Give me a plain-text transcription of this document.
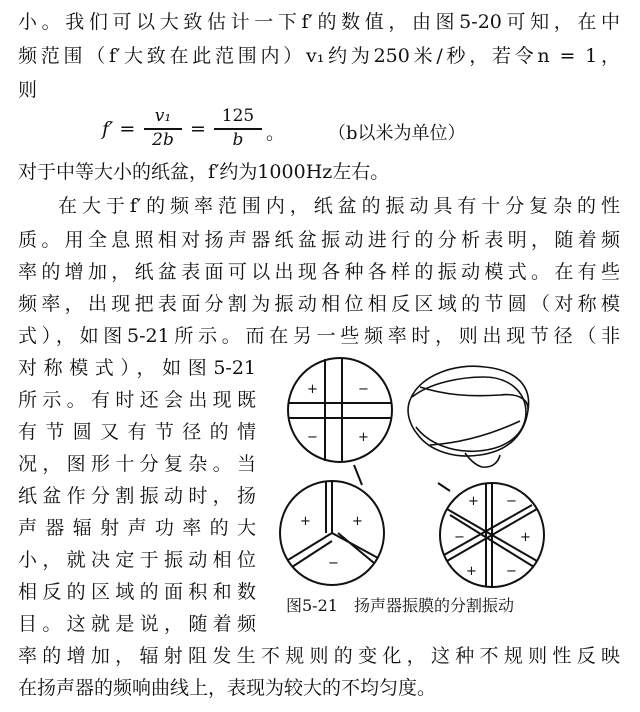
小。我们可以大致估计一下f′的数值，由图5-20可知，在中
频范围（f′大致在此范围内）v₁约为250米/秒，若令n = 1，
则
f′ =
v₁
2b =
125
b	。 （b以米为单位）
对于中等大小的纸盆，f′约为1000Hz左右。
在大于f′的频率范围内，纸盆的振动具有十分复杂的性
质。用全息照相对扬声器纸盆振动进行的分析表明，随着频
率的增加，纸盆表面可以出现各种各样的振动模式。在有些
频率，出现把表面分割为振动相位相反区域的节圆（对称模
式），如图5-21所示。而在另一些频率时，则出现节径（非
对称模式），如图5-21
所示。有时还会出现既
有节圆又有节径的情
况，图形十分复杂。当
纸盆作分割振动时，扬
声器辐射声功率的大
小，就决定于振动相位
相反的区域的面积和数
目。这就是说，随着频
率的增加，辐射阻发生不规则的变化，这种不规则性反映
在扬声器的频响曲线上，表现为较大的不均匀度。
+	−
−	+
+	+
−
+ −
+
−
+
−
图5-21　扬声器振膜的分割振动
